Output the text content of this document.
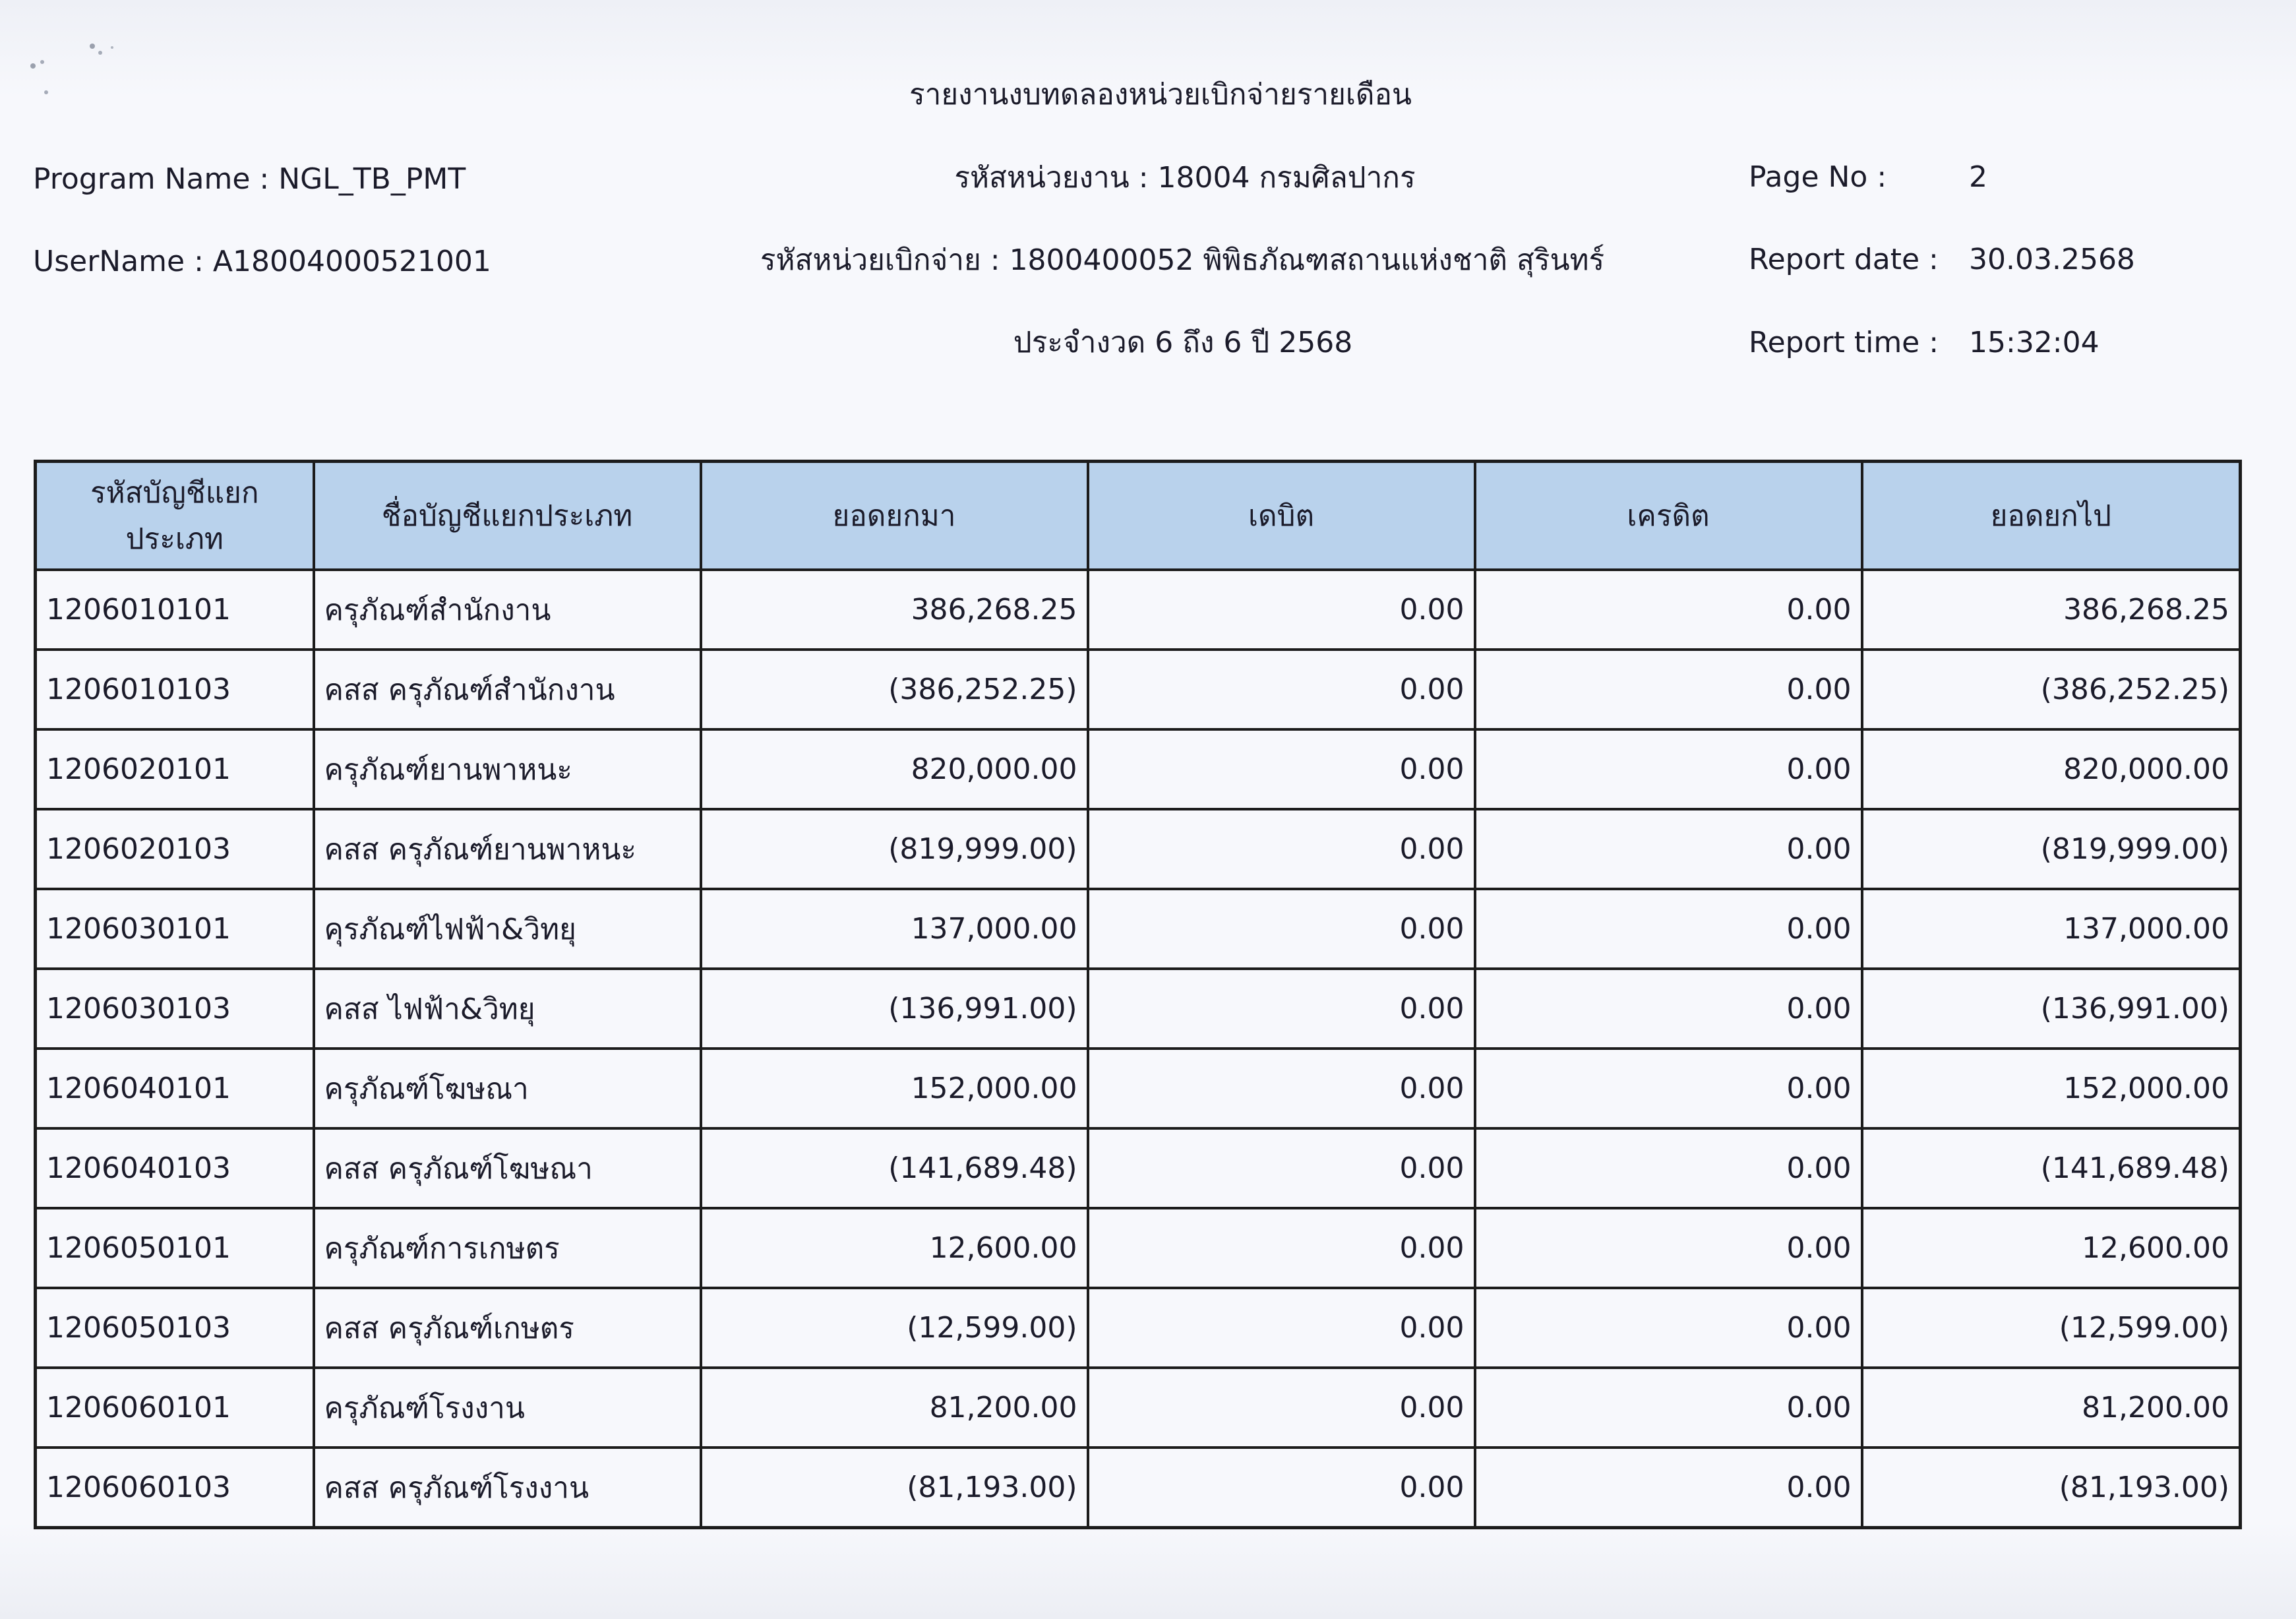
รายงานงบทดลองหน่วยเบิกจ่ายรายเดือน
รหัสหน่วยงาน : 18004 กรมศิลปากร
รหัสหน่วยเบิกจ่าย : 1800400052 พิพิธภัณฑสถานแห่งชาติ สุรินทร์
ประจำงวด 6 ถึง 6 ปี 2568
Program Name : NGL_TB_PMT
UserName : A18004000521001
Page No :	2
Report date : 30.03.2568
Report time : 15:32:04
รหัสบัญชีแยกประเภท	ชื่อบัญชีแยกประเภท	ยอดยกมา	เดบิต	เครดิต	ยอดยกไป
1206010101	ครุภัณฑ์สำนักงาน	386,268.25	0.00	0.00	386,268.25
1206010103	คสส ครุภัณฑ์สำนักงาน	(386,252.25)	0.00	0.00	(386,252.25)
1206020101	ครุภัณฑ์ยานพาหนะ	820,000.00	0.00	0.00	820,000.00
1206020103	คสส ครุภัณฑ์ยานพาหนะ	(819,999.00)	0.00	0.00	(819,999.00)
1206030101	คุรภัณฑ์ไฟฟ้า&วิทยุ	137,000.00	0.00	0.00	137,000.00
1206030103	คสส ไฟฟ้า&วิทยุ	(136,991.00)	0.00	0.00	(136,991.00)
1206040101	ครุภัณฑ์โฆษณา	152,000.00	0.00	0.00	152,000.00
1206040103	คสส ครุภัณฑ์โฆษณา	(141,689.48)	0.00	0.00	(141,689.48)
1206050101	ครุภัณฑ์การเกษตร	12,600.00	0.00	0.00	12,600.00
1206050103	คสส ครุภัณฑ์เกษตร	(12,599.00)	0.00	0.00	(12,599.00)
1206060101	ครุภัณฑ์โรงงาน	81,200.00	0.00	0.00	81,200.00
1206060103	คสส ครุภัณฑ์โรงงาน	(81,193.00)	0.00	0.00	(81,193.00)
